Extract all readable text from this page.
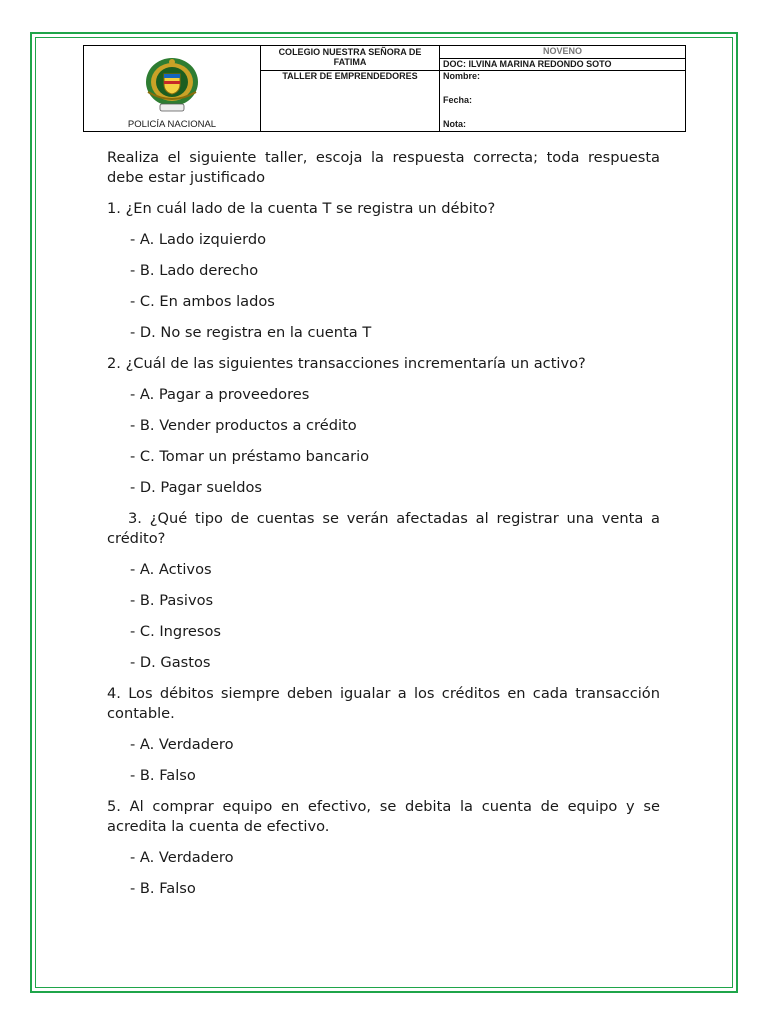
POLICÍA NACIONAL	COLEGIO NUESTRA SEÑORA DE FATIMA	NOVENO
		DOC: ILVINA MARINA REDONDO SOTO
	TALLER DE EMPRENDEDORES	Nombre:
Fecha:
Nota:

Realiza el siguiente taller, escoja la respuesta correcta; toda respuesta debe estar justificado

1. ¿En cuál lado de la cuenta T se registra un débito?

- A. Lado izquierdo

- B. Lado derecho

- C. En ambos lados

- D. No se registra en la cuenta T

2. ¿Cuál de las siguientes transacciones incrementaría un activo?

- A. Pagar a proveedores

- B. Vender productos a crédito

- C. Tomar un préstamo bancario

- D. Pagar sueldos

3. ¿Qué tipo de cuentas se verán afectadas al registrar una venta a crédito?

- A. Activos

- B. Pasivos

- C. Ingresos

- D. Gastos

4. Los débitos siempre deben igualar a los créditos en cada transacción contable.

- A. Verdadero

- B. Falso

5. Al comprar equipo en efectivo, se debita la cuenta de equipo y se acredita la cuenta de efectivo.

- A. Verdadero

- B. Falso
